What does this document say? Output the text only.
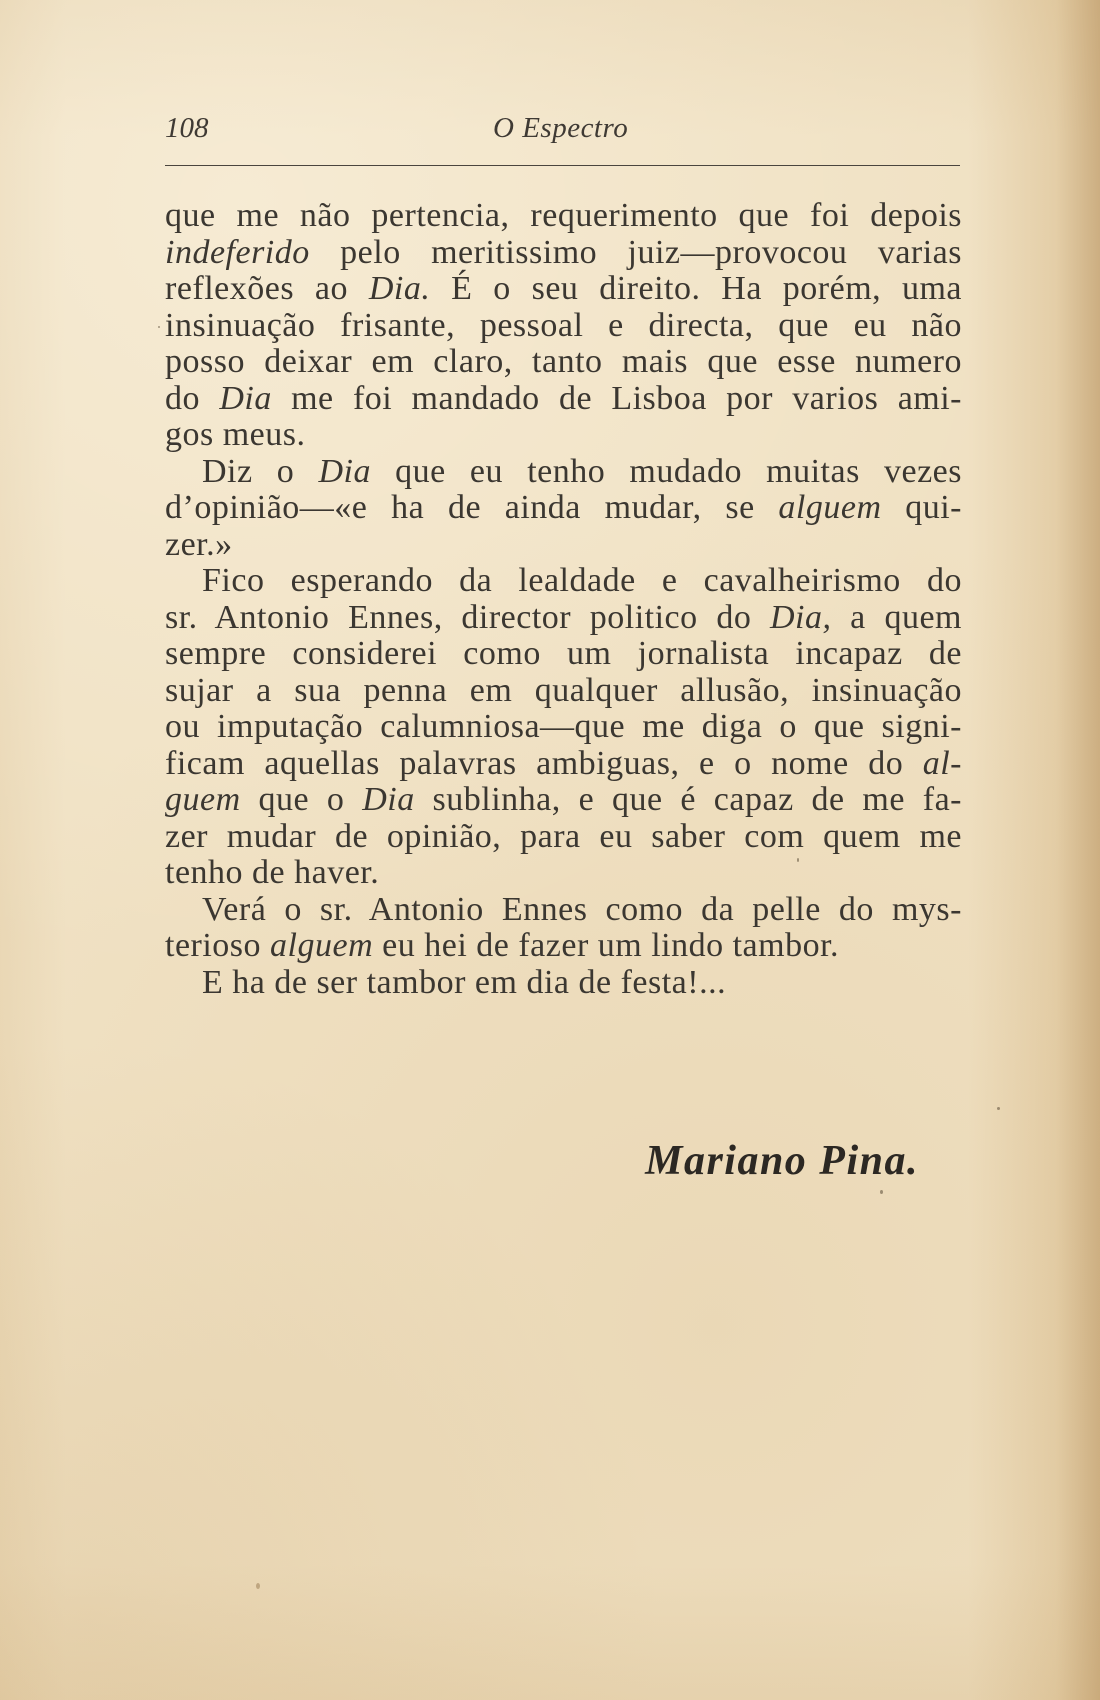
108	O Espectro
que me não pertencia, requerimento que foi depois
indeferido pelo meritissimo juiz—provocou varias
reflexões ao Dia. É o seu direito. Ha porém, uma
insinuação frisante, pessoal e directa, que eu não
posso deixar em claro, tanto mais que esse numero
do Dia me foi mandado de Lisboa por varios ami-
gos meus.
Diz o Dia que eu tenho mudado muitas vezes
d’opinião—«e ha de ainda mudar, se alguem qui-
zer.»
Fico esperando da lealdade e cavalheirismo do
sr. Antonio Ennes, director politico do Dia, a quem
sempre considerei como um jornalista incapaz de
sujar a sua penna em qualquer allusão, insinuação
ou imputação calumniosa—que me diga o que signi-
ficam aquellas palavras ambiguas, e o nome do al-
guem que o Dia sublinha, e que é capaz de me fa-
zer mudar de opinião, para eu saber com quem me
tenho de haver.
Verá o sr. Antonio Ennes como da pelle do mys-
terioso alguem eu hei de fazer um lindo tambor.
E ha de ser tambor em dia de festa!...
Mariano Pina.
